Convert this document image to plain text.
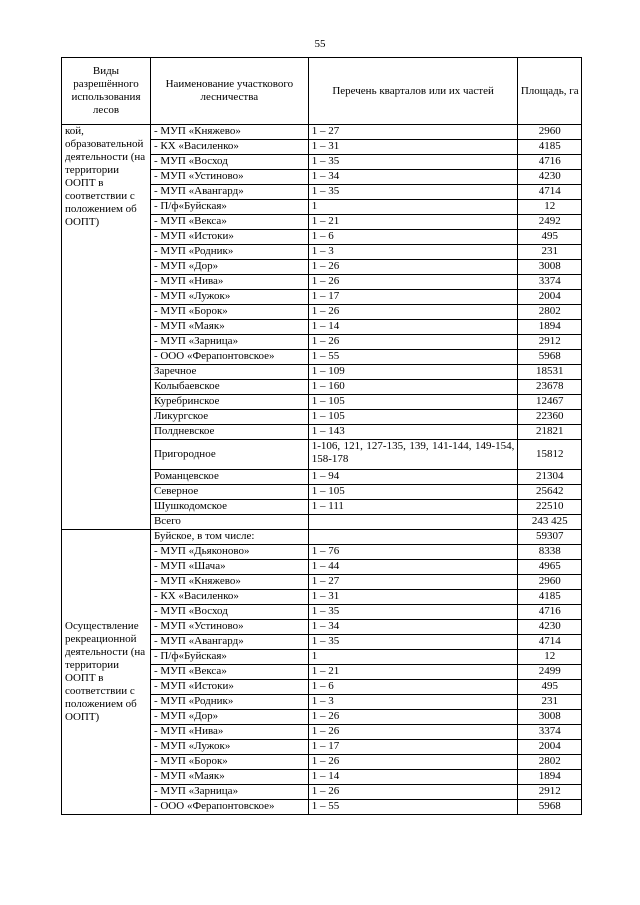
55
Виды разрешённого использования лесов	Наименование участкового лесничества	Перечень кварталов или их частей	Площадь, га
кой, образовательной деятельности (на территории ООПТ в соответствии с положением об ООПТ)	- МУП «Княжево»	1 – 27	2960
	- КХ «Василенко»	1 – 31	4185
	- МУП «Восход	1 – 35	4716
	- МУП «Устиново»	1 – 34	4230
	- МУП «Авангард»	1 – 35	4714
	- П/ф«Буйская»	1	12
	- МУП «Векса»	1 – 21	2492
	- МУП «Истоки»	1 – 6	495
	- МУП «Родник»	1 – 3	231
	- МУП «Дор»	1 – 26	3008
	- МУП «Нива»	1 – 26	3374
	- МУП «Лужок»	1 – 17	2004
	- МУП «Борок»	1 – 26	2802
	- МУП «Маяк»	1 – 14	1894
	- МУП «Зарница»	1 – 26	2912
	- ООО «Ферапонтовское»	1 – 55	5968
	Заречное	1 – 109	18531
	Колыбаевское	1 – 160	23678
	Куребринское	1 – 105	12467
	Ликургское	1 – 105	22360
	Полдневское	1 – 143	21821
	Пригородное	1-106, 121, 127-135, 139, 141-144, 149-154, 158-178	15812
	Романцевское	1 – 94	21304
	Северное	1 – 105	25642
	Шушкодомское	1 – 111	22510
	Всего		243 425
Осуществление рекреационной деятельности (на территории ООПТ в соответствии с положением об ООПТ)	Буйское, в том числе:		59307
	- МУП «Дьяконово»	1 – 76	8338
	- МУП «Шача»	1 – 44	4965
	- МУП «Княжево»	1 – 27	2960
	- КХ «Василенко»	1 – 31	4185
	- МУП «Восход	1 – 35	4716
	- МУП «Устиново»	1 – 34	4230
	- МУП «Авангард»	1 – 35	4714
	- П/ф«Буйская»	1	12
	- МУП «Векса»	1 – 21	2499
	- МУП «Истоки»	1 – 6	495
	- МУП «Родник»	1 – 3	231
	- МУП «Дор»	1 – 26	3008
	- МУП «Нива»	1 – 26	3374
	- МУП «Лужок»	1 – 17	2004
	- МУП «Борок»	1 – 26	2802
	- МУП «Маяк»	1 – 14	1894
	- МУП «Зарница»	1 – 26	2912
	- ООО «Ферапонтовское»	1 – 55	5968
